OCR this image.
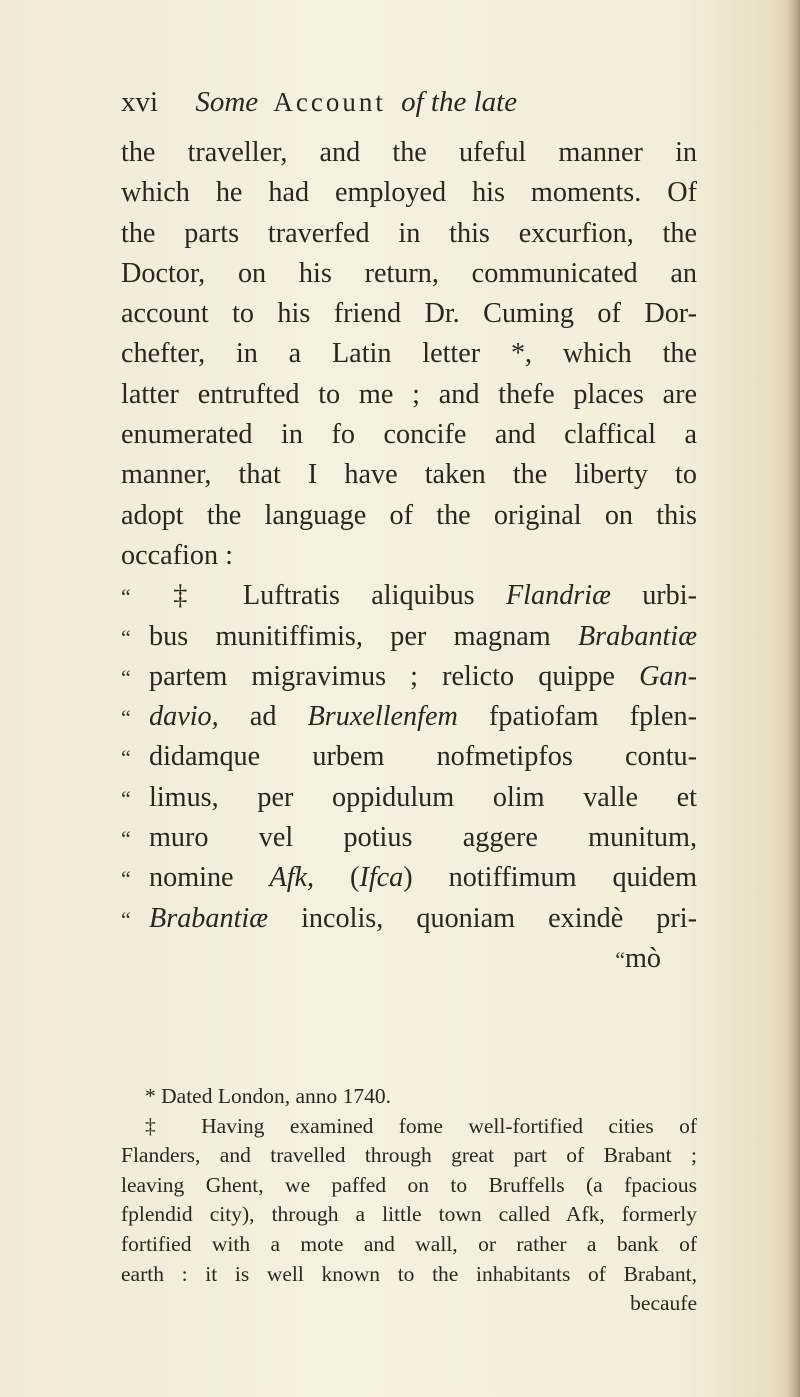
xvi Some Account of the late
the traveller, and the ufeful manner in
which he had employed his moments. Of
the parts traverfed in this excurfion, the
Doctor, on his return, communicated an
account to his friend Dr. Cuming of Dor-
chefter, in a Latin letter *, which the
latter entrufted to me ; and thefe places are
enumerated in fo concife and claffical a
manner, that I have taken the liberty to
adopt the language of the original on this
occafion :
“ ‡ Luftratis aliquibus Flandriæ urbi-
“ bus munitiffimis, per magnam Brabantiæ
“ partem migravimus ; relicto quippe Gan-
“ davio, ad Bruxellenfem fpatiofam fplen-
“ didamque urbem nofmetipfos contu-
“ limus, per oppidulum olim valle et
“ muro vel potius aggere munitum,
“ nomine Afk, (Ifca) notiffimum quidem
“ Brabantiæ incolis, quoniam exindè pri-
“mò
* Dated London, anno 1740.
‡ Having examined fome well-fortified cities of
Flanders, and travelled through great part of Brabant ;
leaving Ghent, we paffed on to Bruffells (a fpacious
fplendid city), through a little town called Afk, formerly
fortified with a mote and wall, or rather a bank of
earth : it is well known to the inhabitants of Brabant,
becaufe
